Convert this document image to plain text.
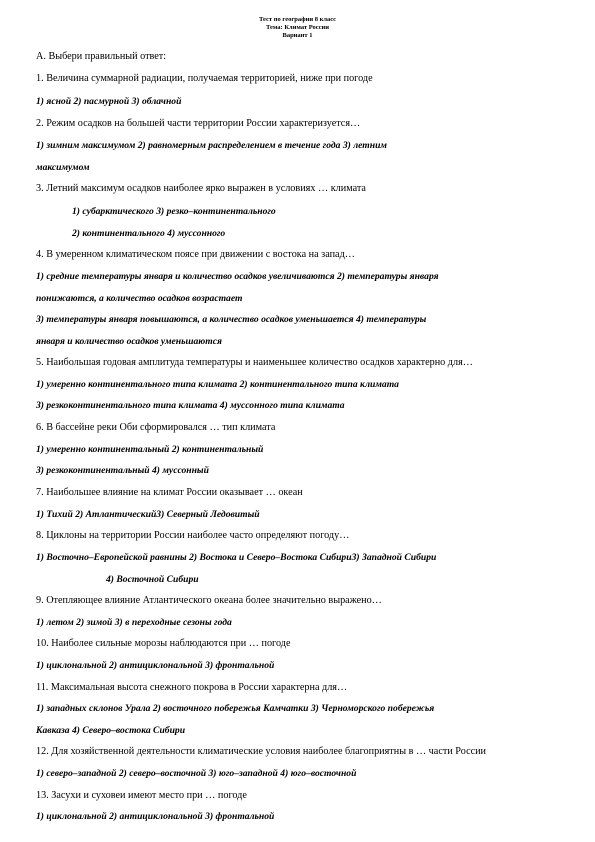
Тест по географии 8 класс
Тема: Климат России
Вариант 1
А. Выбери правильный ответ:
1. Величина суммарной радиации, получаемая территорией, ниже при погоде
1) ясной 2) пасмурной 3) облачной
2. Режим осадков на большей части территории России характеризуется…
1) зимним максимумом 2) равномерным распределением в течение года 3) летним
максимумом
3. Летний максимум осадков наиболее ярко выражен в условиях … климата
1) субарктического 3) резко–континентального
2) континентального 4) муссонного
4. В умеренном климатическом поясе при движении с востока на запад…
1) средние температуры января и количество осадков увеличиваются 2) температуры января
понижаются, а количество осадков возрастает
3) температуры января повышаются, а количество осадков уменьшается 4) температуры
января и количество осадков уменьшаются
5. Наибольшая годовая амплитуда температуры и наименьшее количество осадков характерно для…
1) умеренно континентального типа климата 2) континентального типа климата
3) резкоконтинентального типа климата 4) муссонного типа климата
6. В бассейне реки Оби сформировался … тип климата
1) умеренно континентальный 2) континентальный
3) резкоконтинентальный 4) муссонный
7. Наибольшее влияние на климат России оказывает … океан
1) Тихий 2) Атлантический3) Северный Ледовитый
8. Циклоны на территории России наиболее часто определяют погоду…
1) Восточно–Европейской равнины 2) Востока и Северо–Востока Сибири3) Западной Сибири
4) Восточной Сибири
9. Отепляющее влияние Атлантического океана более значительно выражено…
1) летом 2) зимой 3) в переходные сезоны года
10. Наиболее сильные морозы наблюдаются при … погоде
1) циклональной 2) антициклональной 3) фронтальной
11. Максимальная высота снежного покрова в России характерна для…
1) западных склонов Урала 2) восточного побережья Камчатки 3) Черноморского побережья
Кавказа 4) Северо–востока Сибири
12. Для хозяйственной деятельности климатические условия наиболее благоприятны в … части России
1) северо–западной 2) северо–восточной 3) юго–западной 4) юго–восточной
13. Засухи и суховеи имеют место при … погоде
1) циклональной 2) антициклональной 3) фронтальной
